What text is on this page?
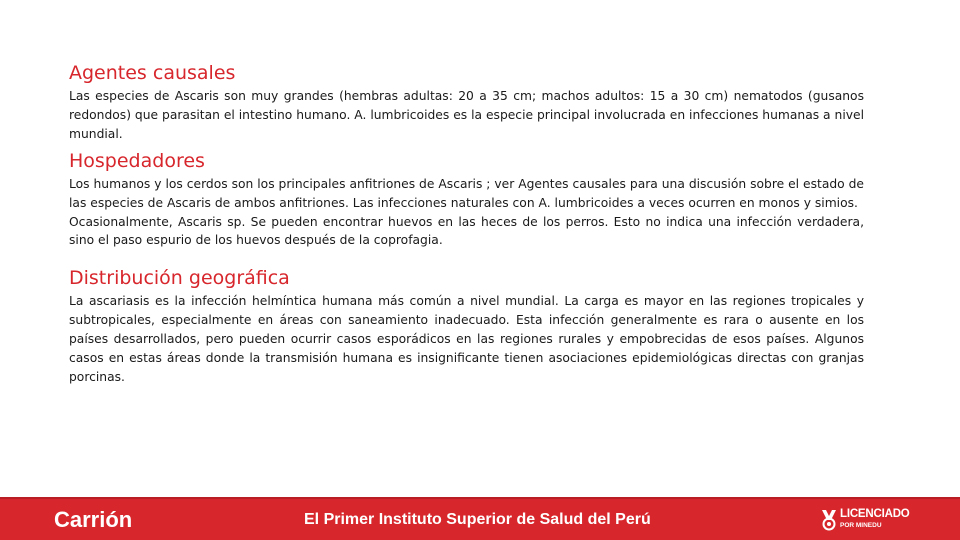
Agentes causales

Las especies de Ascaris son muy grandes (hembras adultas: 20 a 35 cm; machos adultos: 15 a 30 cm) nematodos (gusanos redondos) que parasitan el intestino humano. A. lumbricoides es la especie principal involucrada en infecciones humanas a nivel mundial.

Hospedadores

Los humanos y los cerdos son los principales anfitriones de Ascaris ; ver Agentes causales para una discusión sobre el estado de las especies de Ascaris de ambos anfitriones. Las infecciones naturales con A. lumbricoides a veces ocurren en monos y simios.

Ocasionalmente, Ascaris sp. Se pueden encontrar huevos en las heces de los perros. Esto no indica una infección verdadera, sino el paso espurio de los huevos después de la coprofagia.

Distribución geográfica

La ascariasis es la infección helmíntica humana más común a nivel mundial. La carga es mayor en las regiones tropicales y subtropicales, especialmente en áreas con saneamiento inadecuado. Esta infección generalmente es rara o ausente en los países desarrollados, pero pueden ocurrir casos esporádicos en las regiones rurales y empobrecidas de esos países. Algunos casos en estas áreas donde la transmisión humana es insignificante tienen asociaciones epidemiológicas directas con granjas porcinas.

Carrión	El Primer Instituto Superior de Salud del Perú	LICENCIADO
POR MINEDU
